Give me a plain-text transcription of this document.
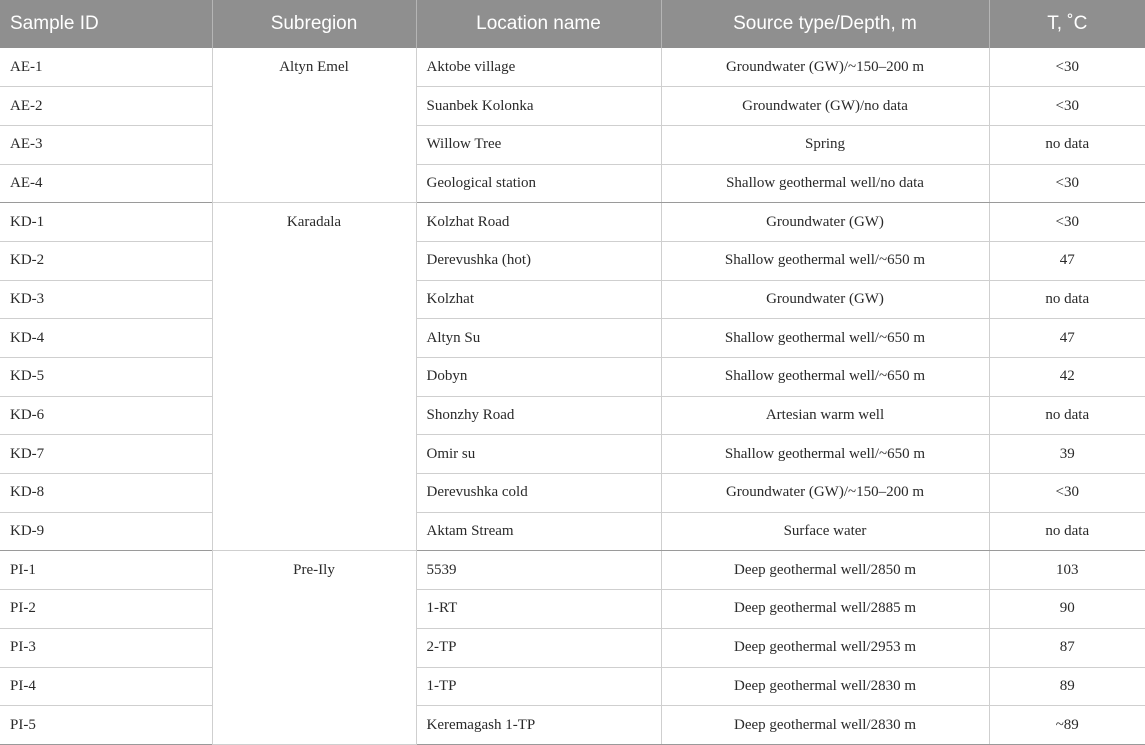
Sample ID	Subregion	Location name	Source type/Depth, m	T, ˚C
AE-1	Altyn Emel	Aktobe village	Groundwater (GW)/~150–200 m	<30
AE-2		Suanbek Kolonka	Groundwater (GW)/no data	<30
AE-3		Willow Tree	Spring	no data
AE-4		Geological station	Shallow geothermal well/no data	<30
KD-1	Karadala	Kolzhat Road	Groundwater (GW)	<30
KD-2		Derevushka (hot)	Shallow geothermal well/~650 m	47
KD-3		Kolzhat	Groundwater (GW)	no data
KD-4		Altyn Su	Shallow geothermal well/~650 m	47
KD-5		Dobyn	Shallow geothermal well/~650 m	42
KD-6		Shonzhy Road	Artesian warm well	no data
KD-7		Omir su	Shallow geothermal well/~650 m	39
KD-8		Derevushka cold	Groundwater (GW)/~150–200 m	<30
KD-9		Aktam Stream	Surface water	no data
PI-1	Pre-Ily	5539	Deep geothermal well/2850 m	103
PI-2		1-RT	Deep geothermal well/2885 m	90
PI-3		2-TP	Deep geothermal well/2953 m	87
PI-4		1-TP	Deep geothermal well/2830 m	89
PI-5		Keremagash 1-TP	Deep geothermal well/2830 m	~89
